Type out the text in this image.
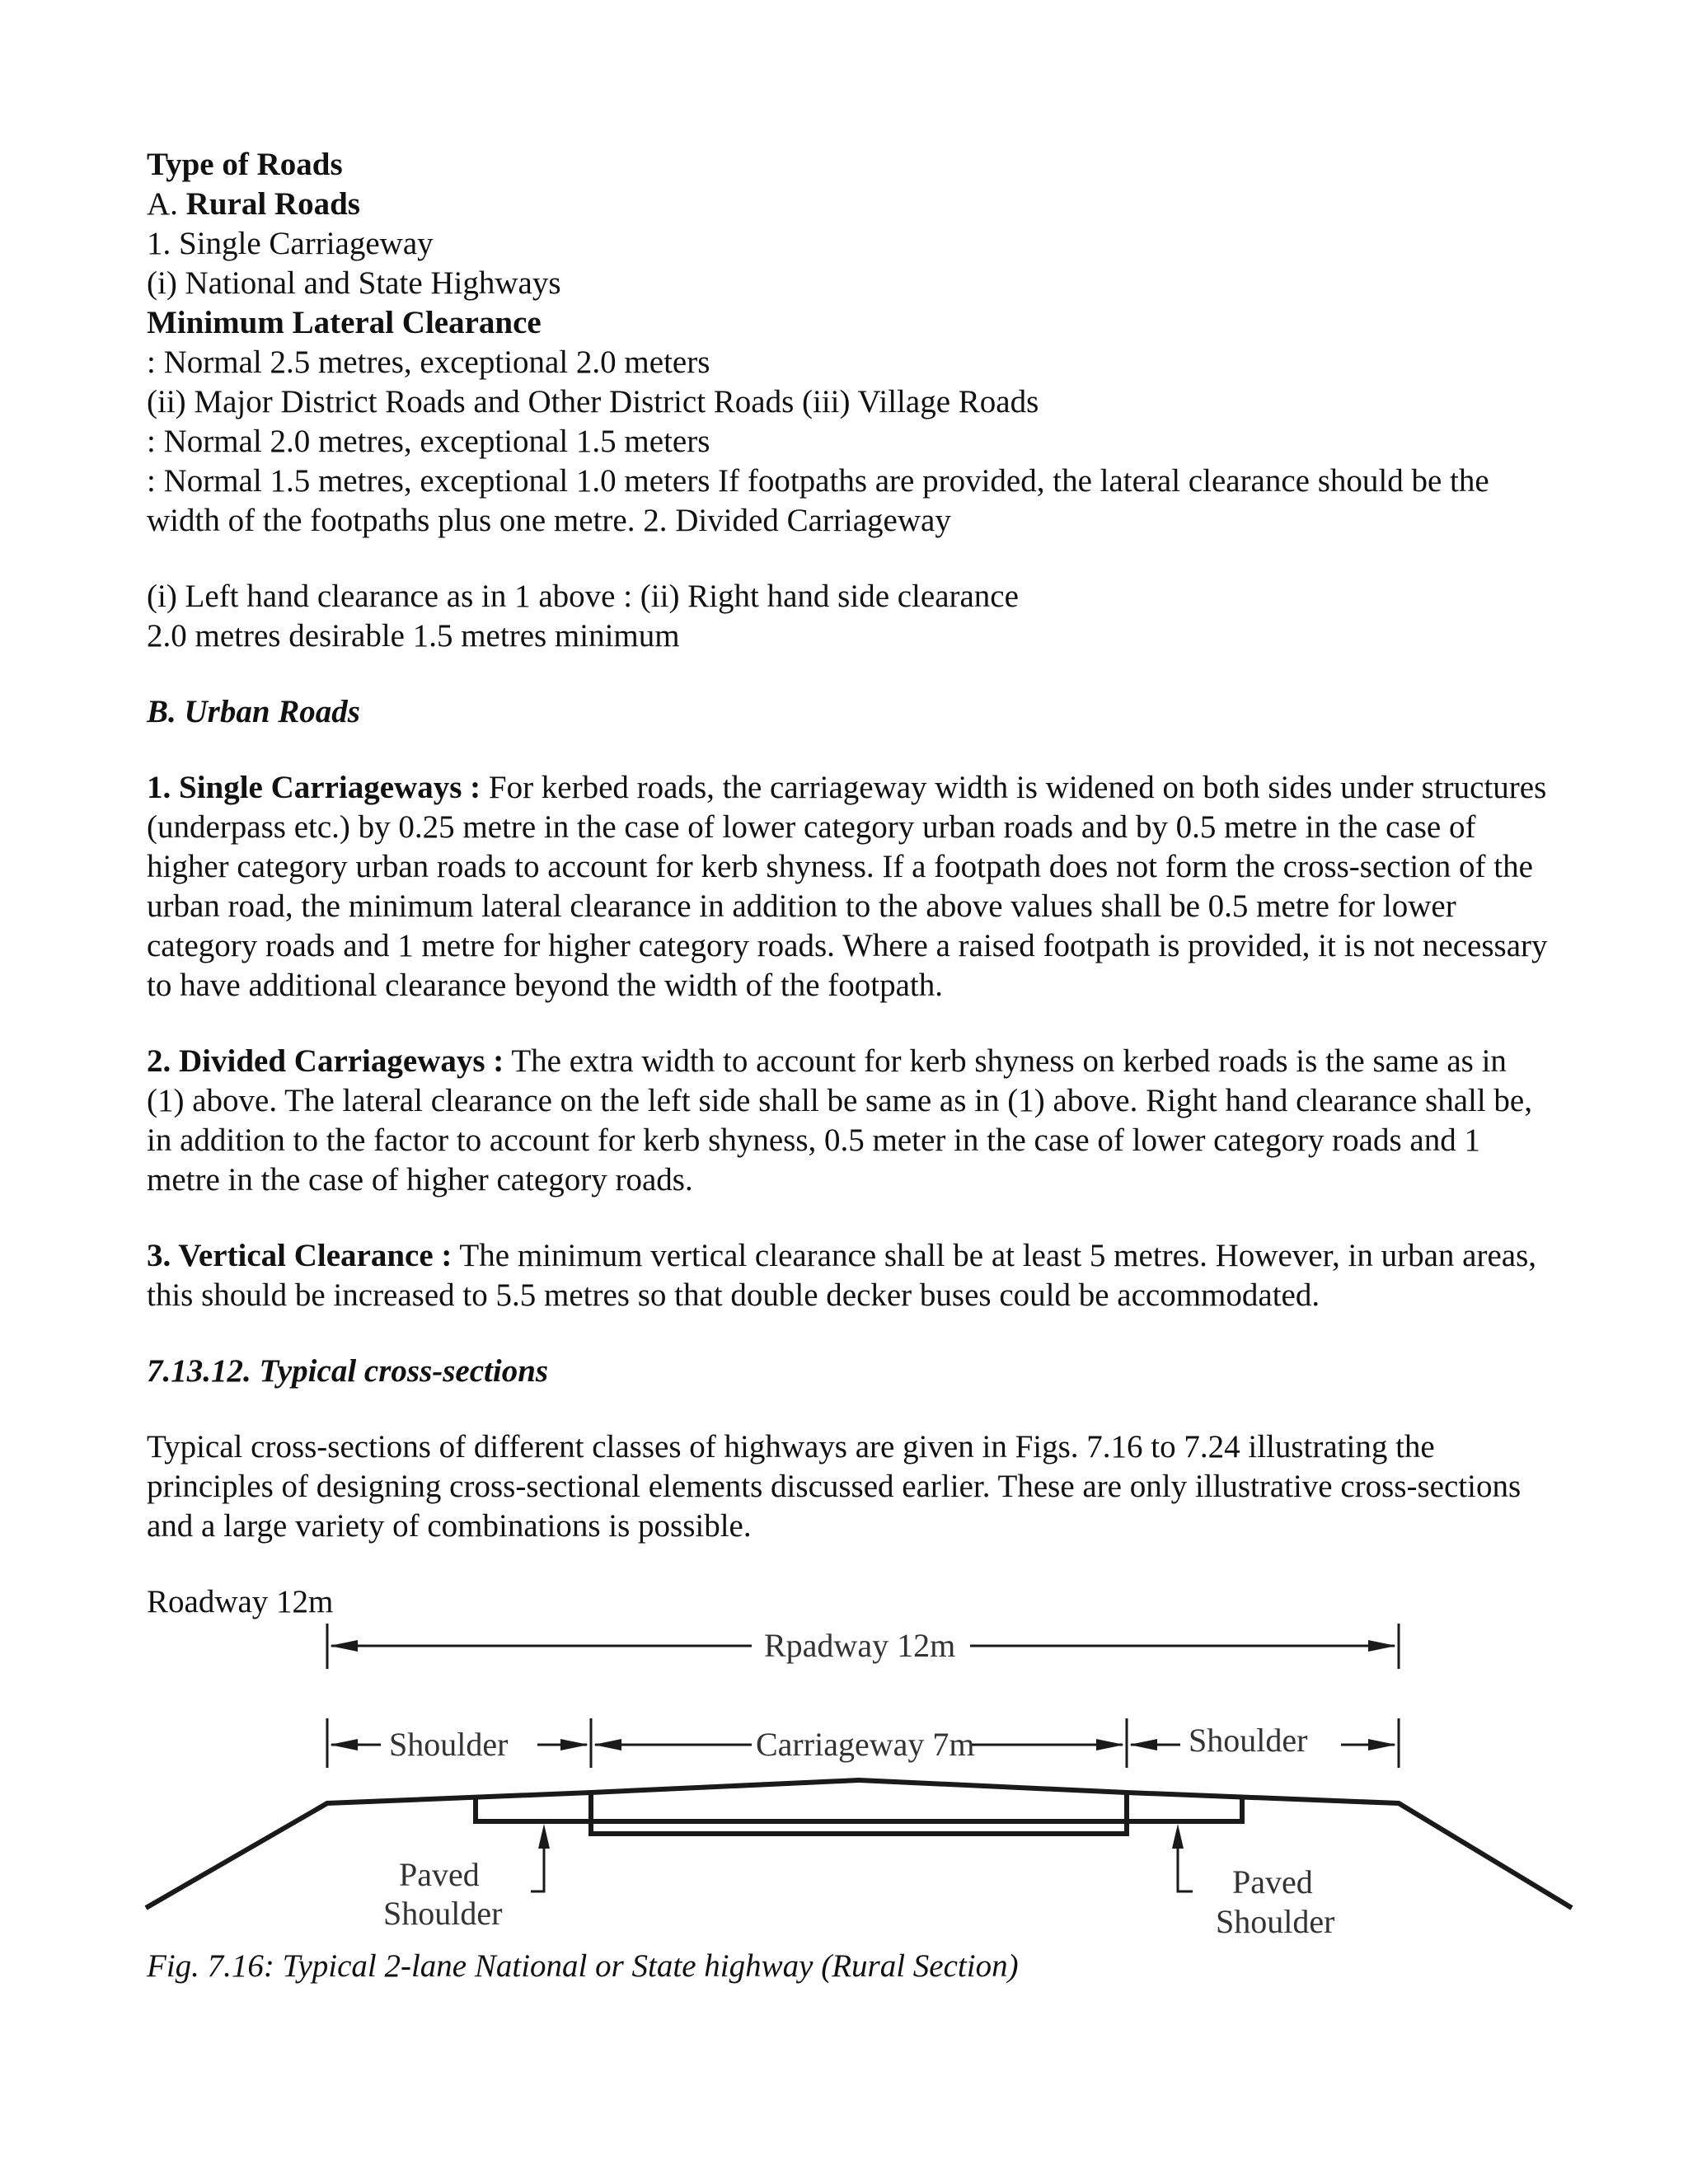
Type of Roads
A. Rural Roads
1. Single Carriageway
(i) National and State Highways
Minimum Lateral Clearance
: Normal 2.5 metres, exceptional 2.0 meters
(ii) Major District Roads and Other District Roads (iii) Village Roads
: Normal 2.0 metres, exceptional 1.5 meters
: Normal 1.5 metres, exceptional 1.0 meters If footpaths are provided, the lateral clearance should be the width of the footpaths plus one metre. 2. Divided Carriageway
(i) Left hand clearance as in 1 above : (ii) Right hand side clearance
2.0 metres desirable 1.5 metres minimum
B. Urban Roads
1. Single Carriageways : For kerbed roads, the carriageway width is widened on both sides under structures (underpass etc.) by 0.25 metre in the case of lower category urban roads and by 0.5 metre in the case of higher category urban roads to account for kerb shyness. If a footpath does not form the cross-section of the urban road, the minimum lateral clearance in addition to the above values shall be 0.5 metre for lower category roads and 1 metre for higher category roads. Where a raised footpath is provided, it is not necessary to have additional clearance beyond the width of the footpath.
2. Divided Carriageways : The extra width to account for kerb shyness on kerbed roads is the same as in (1) above. The lateral clearance on the left side shall be same as in (1) above. Right hand clearance shall be, in addition to the factor to account for kerb shyness, 0.5 meter in the case of lower category roads and 1 metre in the case of higher category roads.
3. Vertical Clearance : The minimum vertical clearance shall be at least 5 metres. However, in urban areas, this should be increased to 5.5 metres so that double decker buses could be accommodated.
7.13.12. Typical cross-sections
Typical cross-sections of different classes of highways are given in Figs. 7.16 to 7.24 illustrating the principles of designing cross-sectional elements discussed earlier. These are only illustrative cross-sections and a large variety of combinations is possible.
Roadway 12m
Rpadway 12m
Shoulder	Carriageway 7m	Shoulder
Paved
Shoulder
Paved
Shoulder
Fig. 7.16: Typical 2-lane National or State highway (Rural Section)
